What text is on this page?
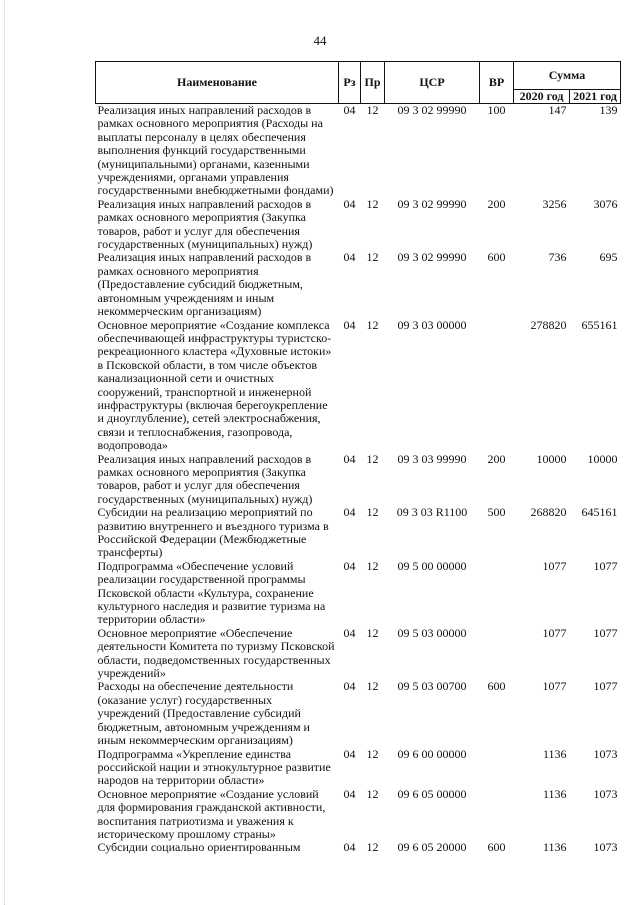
44
Наименование	Рз	Пр	ЦСР	ВР	Сумма	
					2020 год	2021 год
Реализация иных направлений расходов в рамках основного мероприятия (Расходы на выплаты персоналу в целях обеспечения выполнения функций государственными (муниципальными) органами, казенными учреждениями, органами управления государственными внебюджетными фондами)	04	12	09 3 02 99990	100	147	139
Реализация иных направлений расходов в рамках основного мероприятия (Закупка товаров, работ и услуг для обеспечения государственных (муниципальных) нужд)	04	12	09 3 02 99990	200	3256	3076
Реализация иных направлений расходов в рамках основного мероприятия (Предоставление субсидий бюджетным, автономным учреждениям и иным некоммерческим организациям)	04	12	09 3 02 99990	600	736	695
Основное мероприятие «Создание комплекса обеспечивающей инфраструктуры туристско-рекреационного кластера «Духовные истоки» в Псковской области, в том числе объектов канализационной сети и очистных сооружений, транспортной и инженерной инфраструктуры (включая берегоукрепление и дноуглубление), сетей электроснабжения, связи и теплоснабжения, газопровода, водопровода»	04	12	09 3 03 00000		278820	655161
Реализация иных направлений расходов в рамках основного мероприятия (Закупка товаров, работ и услуг для обеспечения государственных (муниципальных) нужд)	04	12	09 3 03 99990	200	10000	10000
Субсидии на реализацию мероприятий по развитию внутреннего и въездного туризма в Российской Федерации (Межбюджетные трансферты)	04	12	09 3 03 R1100	500	268820	645161
Подпрограмма «Обеспечение условий реализации государственной программы Псковской области «Культура, сохранение культурного наследия и развитие туризма на территории области»	04	12	09 5 00 00000		1077	1077
Основное мероприятие «Обеспечение деятельности Комитета по туризму Псковской области, подведомственных государственных учреждений»	04	12	09 5 03 00000		1077	1077
Расходы на обеспечение деятельности (оказание услуг) государственных учреждений (Предоставление субсидий бюджетным, автономным учреждениям и иным некоммерческим организациям)	04	12	09 5 03 00700	600	1077	1077
Подпрограмма «Укрепление единства российской нации и этнокультурное развитие народов на территории области»	04	12	09 6 00 00000		1136	1073
Основное мероприятие «Создание условий для формирования гражданской активности, воспитания патриотизма и уважения к историческому прошлому страны»	04	12	09 6 05 00000		1136	1073
Субсидии социально ориентированным	04	12	09 6 05 20000	600	1136	1073
